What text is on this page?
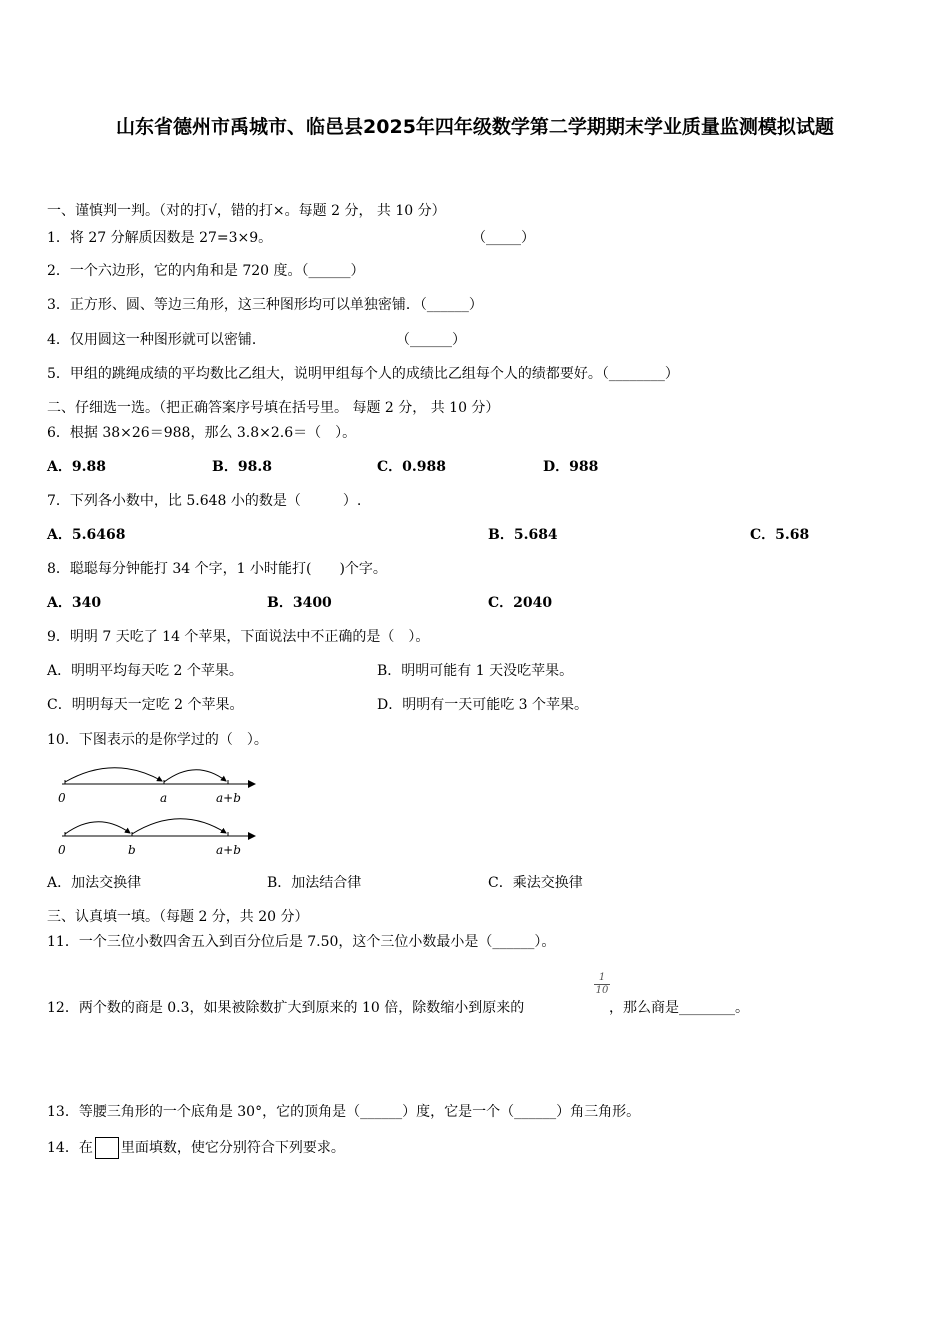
山东省德州市禹城市、临邑县2025年四年级数学第二学期期末学业质量监测模拟试题
一、谨慎判一判。（对的打√，错的打×。每题 2 分， 共 10 分）
1．将 27 分解质因数是 27=3×9。	（_____）
2．一个六边形，它的内角和是 720 度。（______）
3．正方形、圆、等边三角形，这三种图形均可以单独密铺．（______）
4．仅用圆这一种图形就可以密铺．	（______）
5．甲组的跳绳成绩的平均数比乙组大，说明甲组每个人的成绩比乙组每个人的绩都要好。（________）
二、仔细选一选。（把正确答案序号填在括号里。 每题 2 分， 共 10 分）
6．根据 38×26＝988，那么 3.8×2.6＝（　）。
A．9.88	B．98.8	C．0.988	D．988
7．下列各小数中，比 5.648 小的数是（　　　）.
A．5.6468	B．5.684	C．5.68
8．聪聪每分钟能打 34 个字，1 小时能打(　　)个字。
A．340	B．3400	C．2040
9．明明 7 天吃了 14 个苹果，下面说法中不正确的是（　）。
A．明明平均每天吃 2 个苹果。	B．明明可能有 1 天没吃苹果。
C．明明每天一定吃 2 个苹果。	D．明明有一天可能吃 3 个苹果。
10．下图表示的是你学过的（　）。
0	a	a+b
0	b	a+b
A．加法交换律	B．加法结合律	C．乘法交换律
三、认真填一填。（每题 2 分，共 20 分）
11．一个三位小数四舍五入到百分位后是 7.50，这个三位小数最小是（______）。
12．两个数的商是 0.3，如果被除数扩大到原来的 10 倍，除数缩小到原来的
$\frac{1}{10}$
，那么商是________。
13．等腰三角形的一个底角是 30°，它的顶角是（______）度，它是一个（______）角三角形。
14．在 里面填数，使它分别符合下列要求。
